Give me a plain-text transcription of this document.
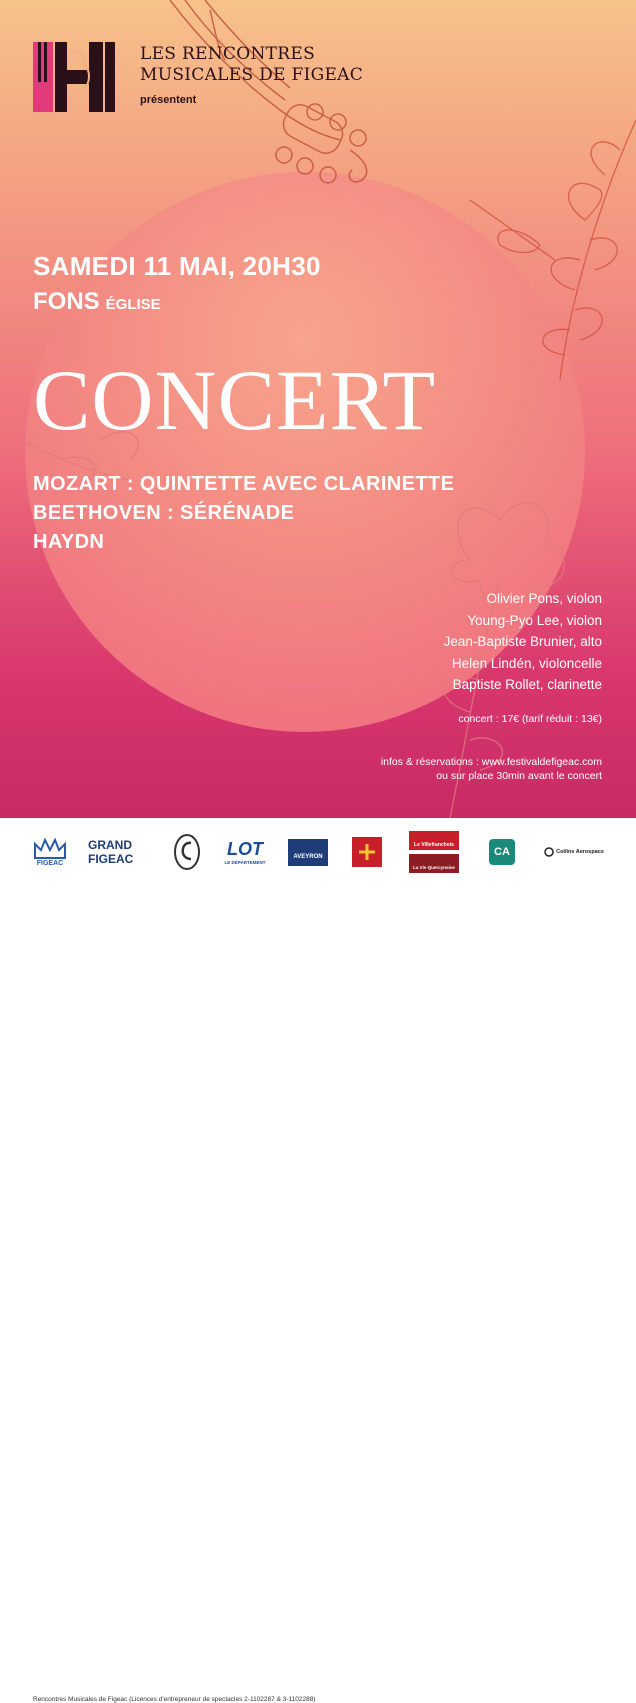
LES RENCONTRES
MUSICALES DE FIGEAC
présentent
SAMEDI 11 MAI, 20H30
FONS ÉGLISE
CONCERT
MOZART : QUINTETTE AVEC CLARINETTE
BEETHOVEN : SÉRÉNADE
HAYDN
Olivier Pons, violon
Young-Pyo Lee, violon
Jean-Baptiste Brunier, alto
Helen Lindén, violoncelle
Baptiste Rollet, clarinette
concert : 17€ (tarif réduit : 13€)
infos & réservations : www.festivaldefigeac.com
ou sur place 30min avant le concert
FIGEAC
GRAND
FIGEAC	LOT
LE DÉPARTEMENT
AVEYRON
Le Villefranchois
La Vie Quercynoise
CA	Collins Aerospace
Rencontres Musicales de Figeac (Licences d'entrepreneur de spectacles 2-1102287 & 3-1102288)
